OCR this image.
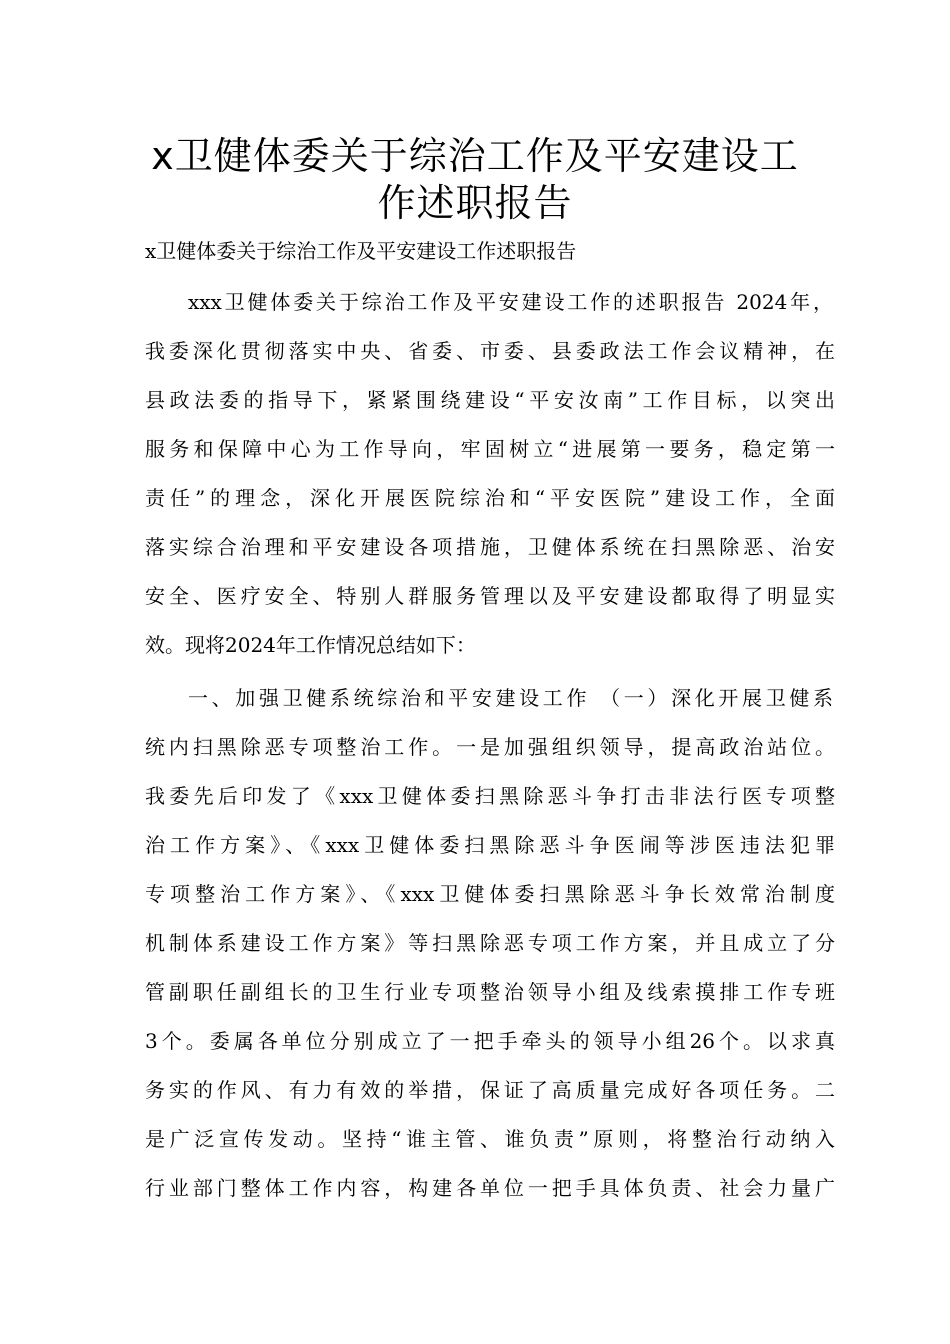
x卫健体委关于综治工作及平安建设工
作述职报告

x卫健体委关于综治工作及平安建设工作述职报告

xxx卫健体委关于综治工作及平安建设工作的述职报告 2024年，

我委深化贯彻落实中央、省委、市委、县委政法工作会议精神，在

县政法委的指导下，紧紧围绕建设“平安汝南”工作目标，以突出

服务和保障中心为工作导向，牢固树立“进展第一要务，稳定第一

责任”的理念，深化开展医院综治和“平安医院”建设工作，全面

落实综合治理和平安建设各项措施，卫健体系统在扫黑除恶、治安

安全、医疗安全、特别人群服务管理以及平安建设都取得了明显实

效。现将2024年工作情况总结如下：

一、加强卫健系统综治和平安建设工作 （一）深化开展卫健系

统内扫黑除恶专项整治工作。一是加强组织领导，提高政治站位。

我委先后印发了《xxx卫健体委扫黑除恶斗争打击非法行医专项整

治工作方案》、《xxx卫健体委扫黑除恶斗争医闹等涉医违法犯罪

专项整治工作方案》、《xxx卫健体委扫黑除恶斗争长效常治制度

机制体系建设工作方案》等扫黑除恶专项工作方案，并且成立了分

管副职任副组长的卫生行业专项整治领导小组及线索摸排工作专班

3个。委属各单位分别成立了一把手牵头的领导小组26个。以求真

务实的作风、有力有效的举措，保证了高质量完成好各项任务。二

是广泛宣传发动。坚持“谁主管、谁负责”原则，将整治行动纳入

行业部门整体工作内容，构建各单位一把手具体负责、社会力量广
